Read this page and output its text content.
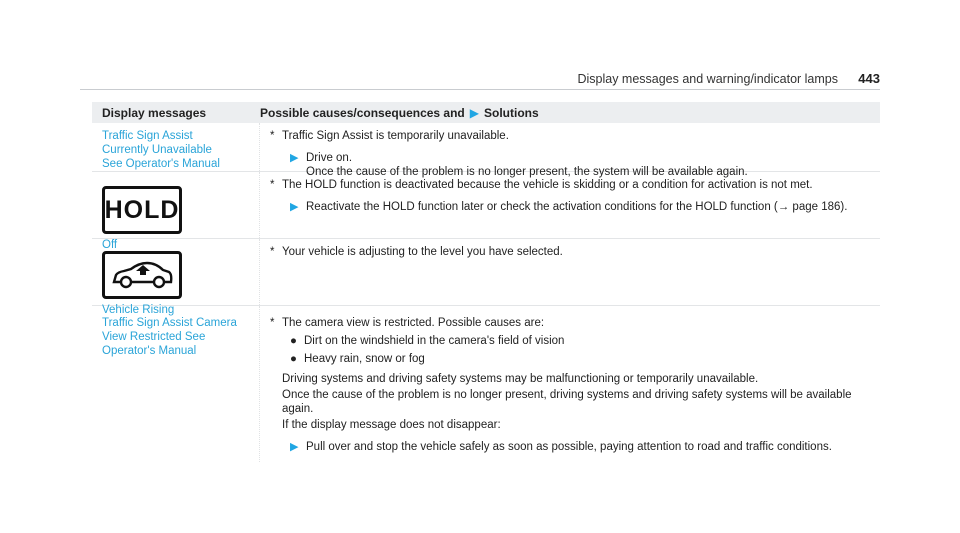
Display messages and warning/indicator lamps 443
Display messages	Possible causes/consequences and ▶ Solutions
Traffic Sign Assist Currently Unavailable See Operator's Manual
* Traffic Sign Assist is temporarily unavailable.
▶ Drive on.
Once the cause of the problem is no longer present, the system will be available again.
HOLD
Off
* The HOLD function is deactivated because the vehicle is skidding or a condition for activation is not met.
▶ Reactivate the HOLD function later or check the activation conditions for the HOLD function (→ page 186).
Vehicle Rising
* Your vehicle is adjusting to the level you have selected.
Traffic Sign Assist Camera View Restricted See Operator's Manual
* The camera view is restricted. Possible causes are:
● Dirt on the windshield in the camera's field of vision
● Heavy rain, snow or fog
Driving systems and driving safety systems may be malfunctioning or temporarily unavailable.
Once the cause of the problem is no longer present, driving systems and driving safety systems will be available again.
If the display message does not disappear:
▶ Pull over and stop the vehicle safely as soon as possible, paying attention to road and traffic conditions.
